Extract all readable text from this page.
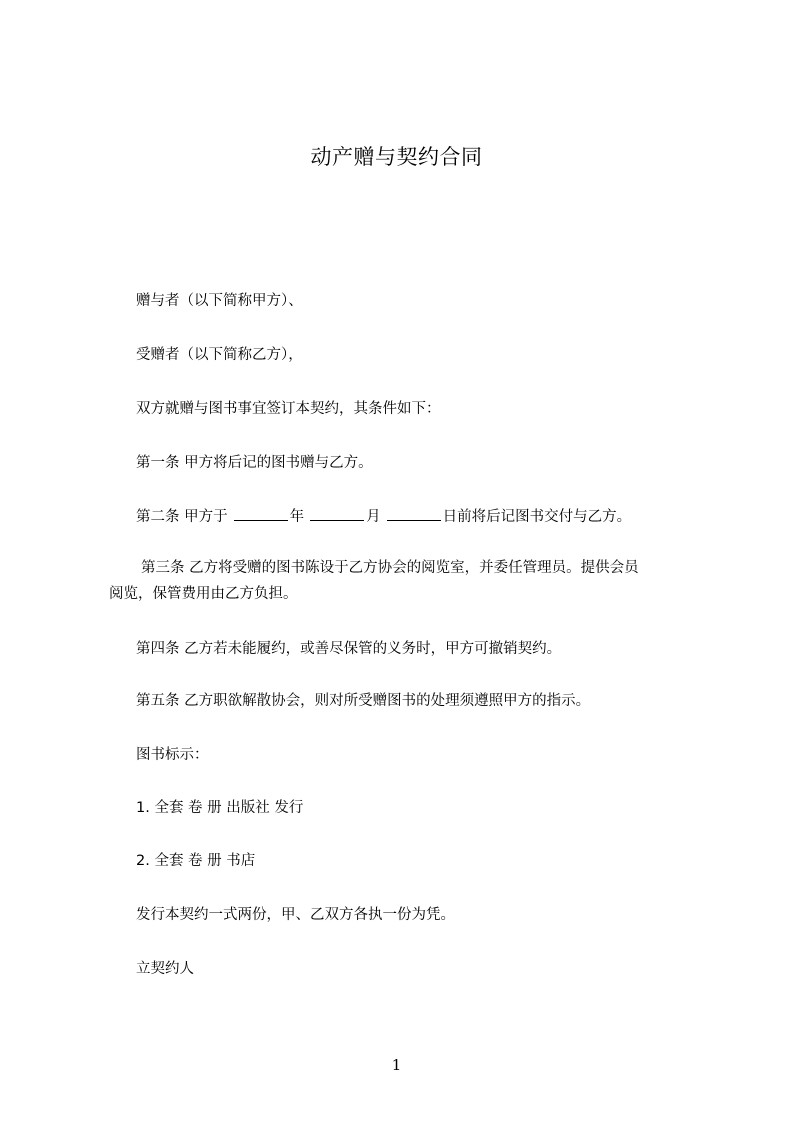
动产赠与契约合同
赠与者（以下简称甲方）、
受赠者（以下简称乙方），
双方就赠与图书事宜签订本契约，其条件如下：
第一条 甲方将后记的图书赠与乙方。
第二条 甲方于	年	月	日前将后记图书交付与乙方。
第三条 乙方将受赠的图书陈设于乙方协会的阅览室，并委任管理员。提供会员
阅览，保管费用由乙方负担。
第四条 乙方若未能履约，或善尽保管的义务时，甲方可撤销契约。
第五条 乙方职欲解散协会，则对所受赠图书的处理须遵照甲方的指示。
图书标示：
1. 全套 卷 册 出版社 发行
2. 全套 卷 册 书店
发行本契约一式两份，甲、乙双方各执一份为凭。
立契约人
1
